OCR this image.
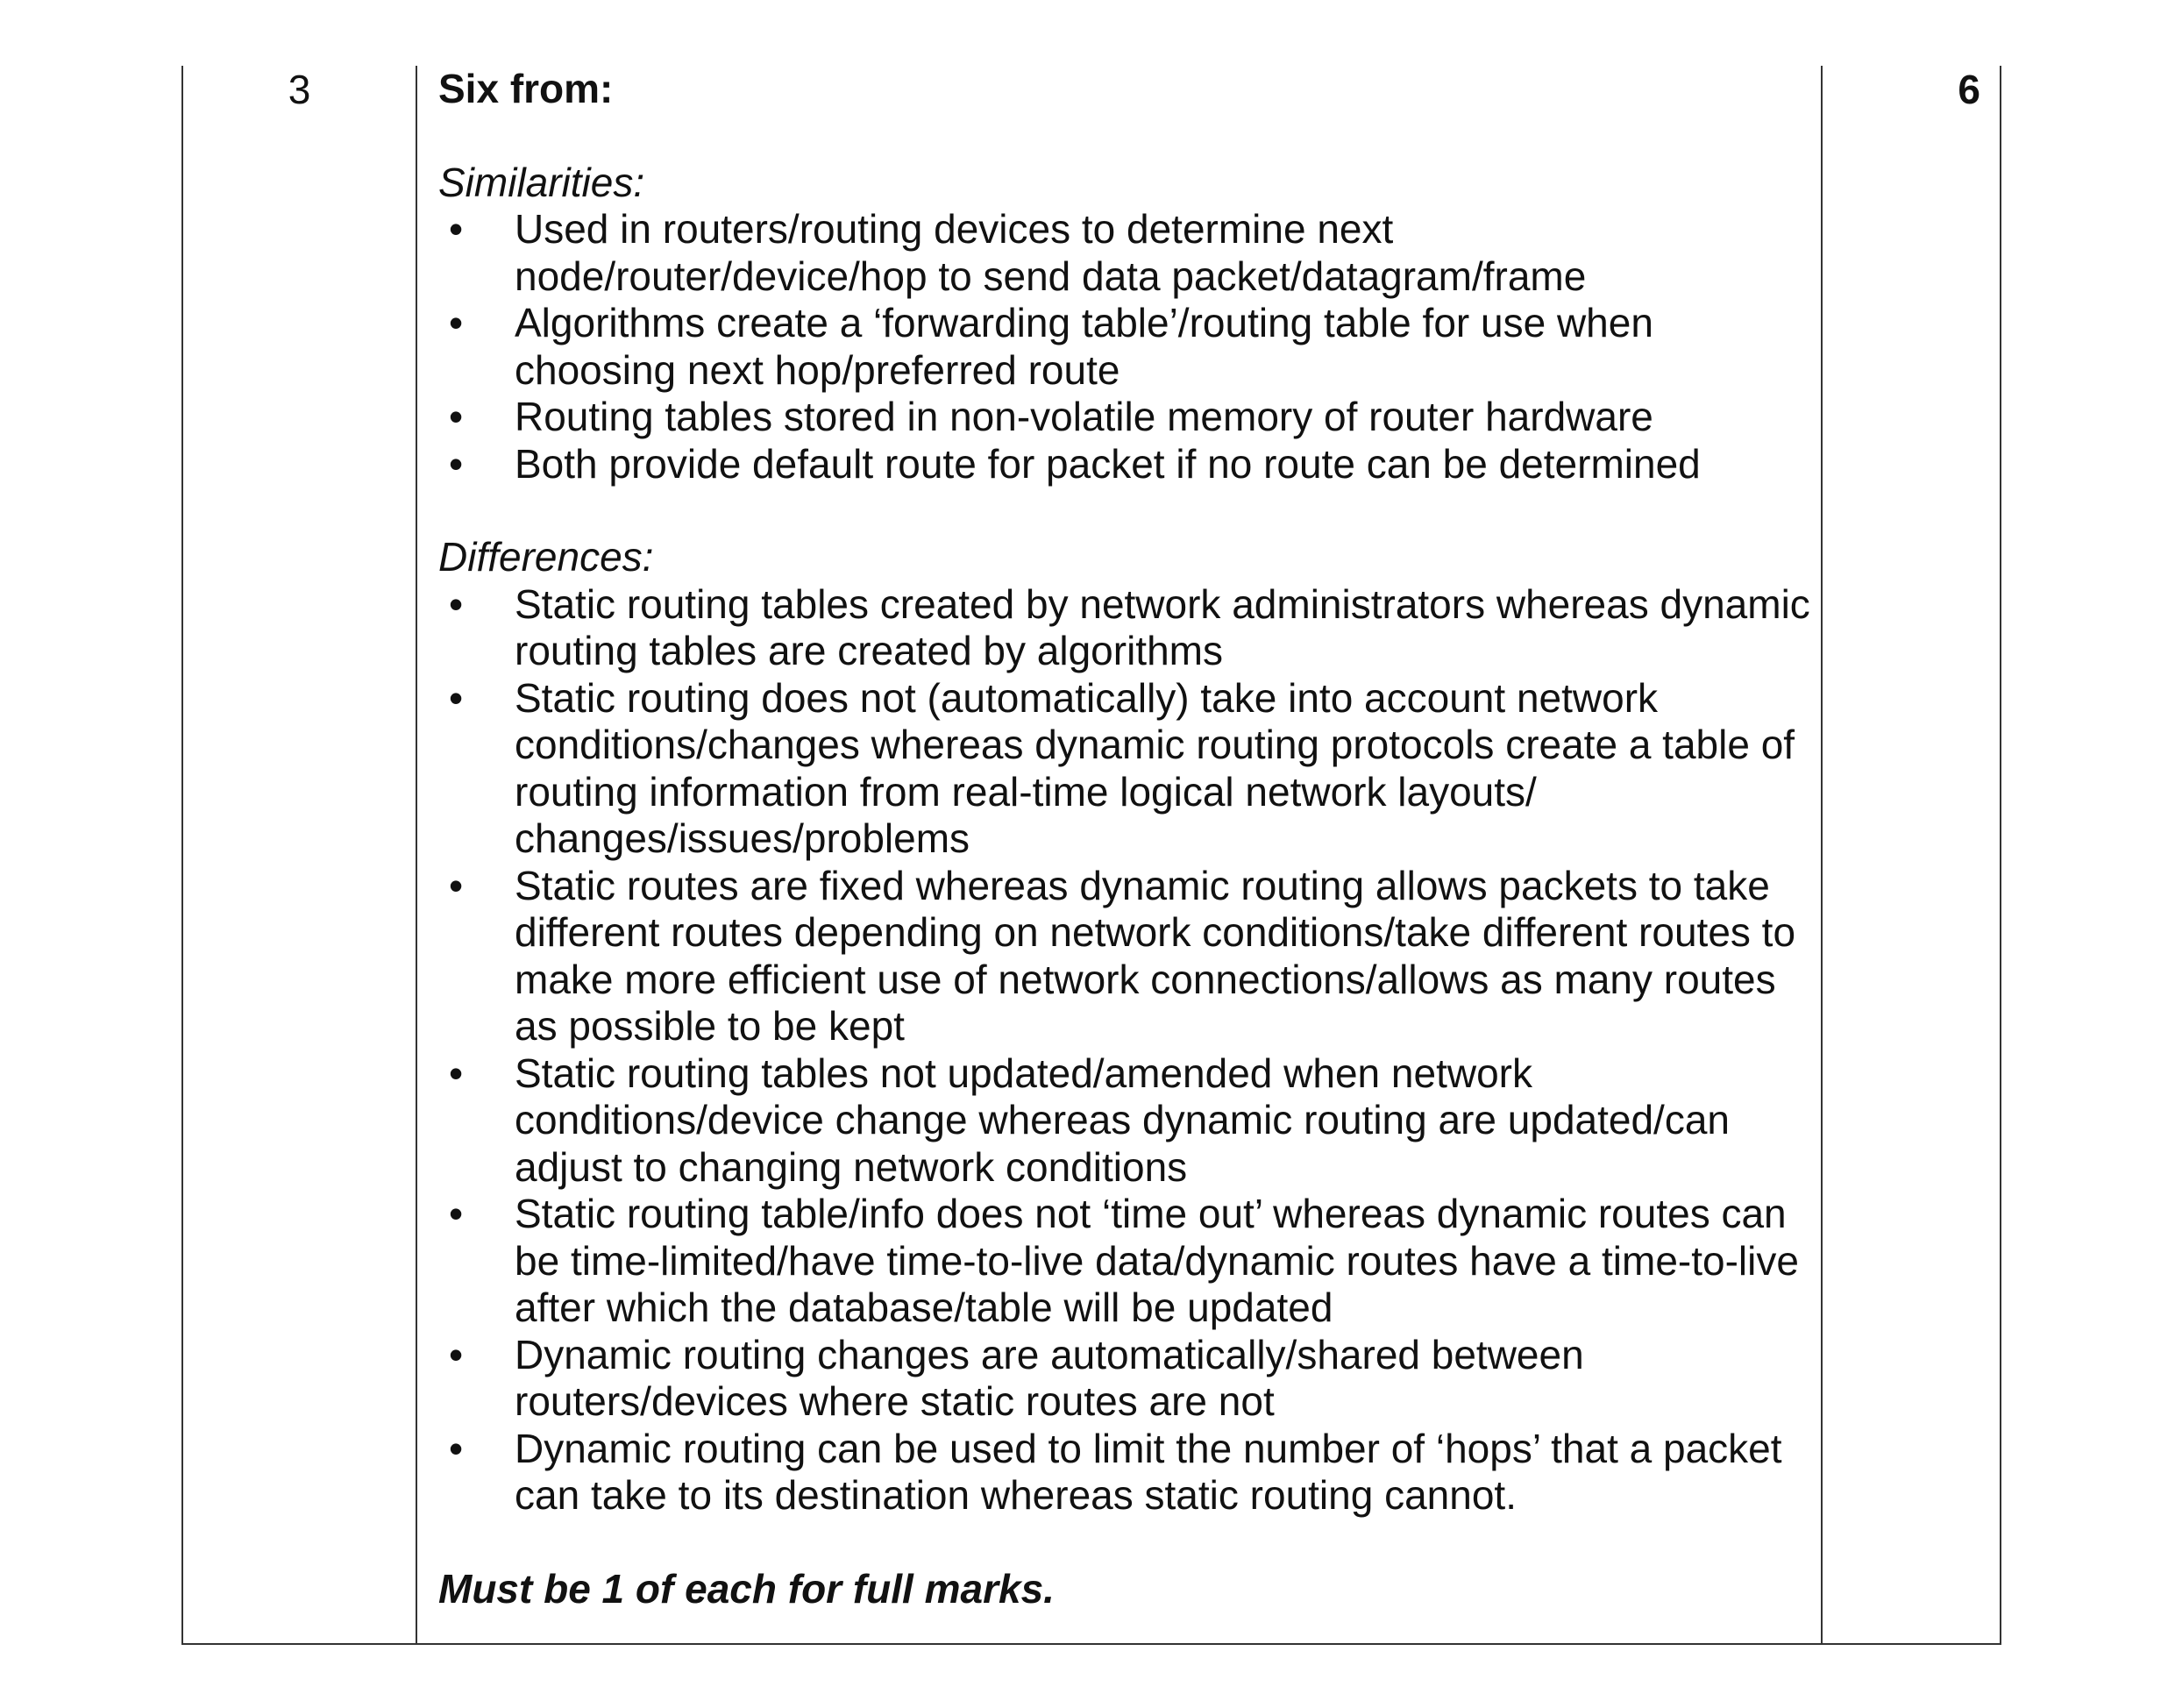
3	Six from:

Similarities:

• Used in routers/routing devices to determine next node/router/device/hop to send data packet/datagram/frame
• Algorithms create a ‘forwarding table’/routing table for use when choosing next hop/preferred route
• Routing tables stored in non-volatile memory of router hardware
• Both provide default route for packet if no route can be determined

Differences:

• Static routing tables created by network administrators whereas dynamic routing tables are created by algorithms
• Static routing does not (automatically) take into account network conditions/changes whereas dynamic routing protocols create a table of routing information from real-time logical network layouts/ changes/issues/problems
• Static routes are fixed whereas dynamic routing allows packets to take different routes depending on network conditions/take different routes to make more efficient use of network connections/allows as many routes as possible to be kept
• Static routing tables not updated/amended when network conditions/device change whereas dynamic routing are updated/can adjust to changing network conditions
• Static routing table/info does not ‘time out’ whereas dynamic routes can be time-limited/have time-to-live data/dynamic routes have a time-to-live after which the database/table will be updated
• Dynamic routing changes are automatically/shared between routers/devices where static routes are not
• Dynamic routing can be used to limit the number of ‘hops’ that a packet can take to its destination whereas static routing cannot.

Must be 1 of each for full marks.

6
